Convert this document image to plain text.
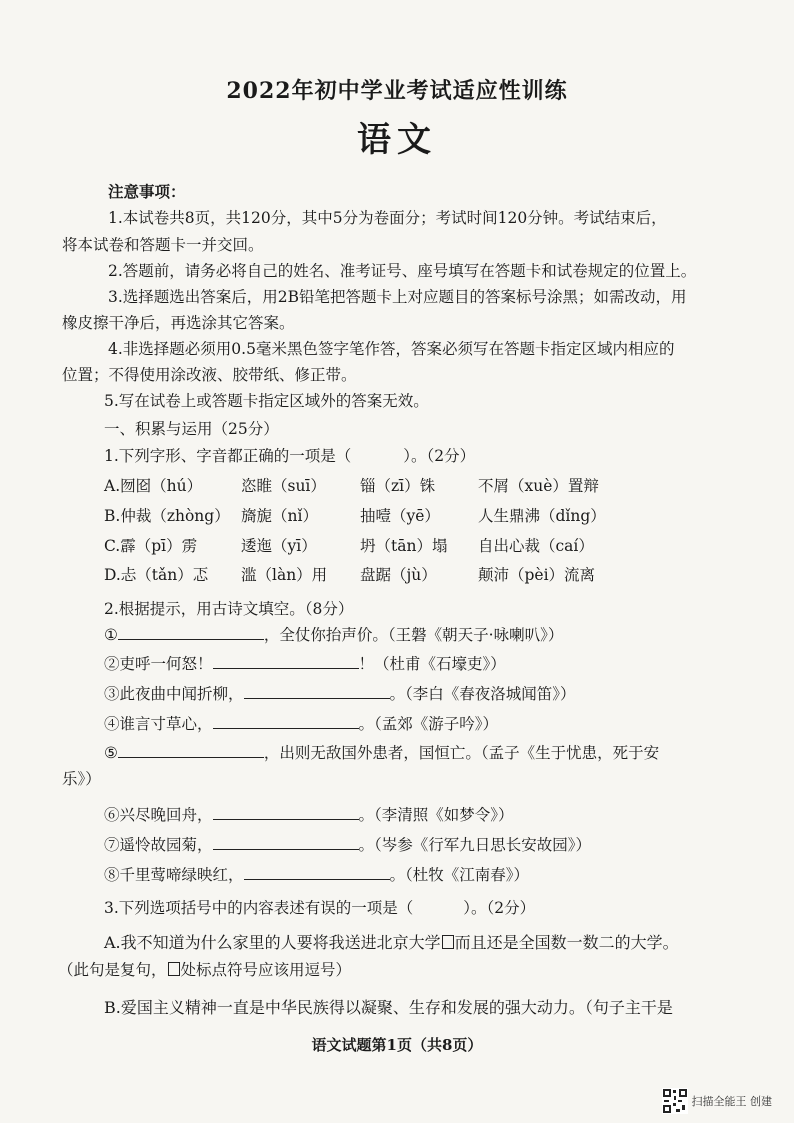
2022年初中学业考试适应性训练
语文
注意事项：
1.本试卷共8页，共120分，其中5分为卷面分；考试时间120分钟。考试结束后，
将本试卷和答题卡一并交回。
2.答题前，请务必将自己的姓名、准考证号、座号填写在答题卡和试卷规定的位置上。
3.选择题选出答案后，用2B铅笔把答题卡上对应题目的答案标号涂黑；如需改动，用
橡皮擦干净后，再选涂其它答案。
4.非选择题必须用0.5毫米黑色签字笔作答，答案必须写在答题卡指定区域内相应的
位置；不得使用涂改液、胶带纸、修正带。
5.写在试卷上或答题卡指定区域外的答案无效。
一、积累与运用（25分）
1.下列字形、字音都正确的一项是（	）。（2分）
A.囫囵（hú）	恣睢（suī） 锱（zī）铢	不屑（xuè）置辩
B.仲裁（zhòng） 旖旎（nǐ）	抽噎（yē） 人生鼎沸（dǐng）
C.霹（pī）雳	逶迤（yī）	坍（tān）塌 自出心裁（caí）
D.忐（tǎn）忑 滥（làn）用 盘踞（jù）	颠沛（pèi）流离
2.根据提示，用古诗文填空。（8分）
①	，全仗你抬声价。（王磐《朝天子·咏喇叭》）
②吏呼一何怒！	！（杜甫《石壕吏》）
③此夜曲中闻折柳，	。（李白《春夜洛城闻笛》）
④谁言寸草心，	。（孟郊《游子吟》）
⑤	，出则无敌国外患者，国恒亡。（孟子《生于忧患，死于安
乐》）
⑥兴尽晚回舟，	。（李清照《如梦令》）
⑦遥怜故园菊，	。（岑参《行军九日思长安故园》）
⑧千里莺啼绿映红，	。（杜牧《江南春》）
3.下列选项括号中的内容表述有误的一项是（	）。（2分）
A.我不知道为什么家里的人要将我送进北京大学 而且还是全国数一数二的大学。
（此句是复句， 处标点符号应该用逗号）
B.爱国主义精神一直是中华民族得以凝聚、生存和发展的强大动力。（句子主干是
语文试题第1页（共8页）
扫描全能王 创建
